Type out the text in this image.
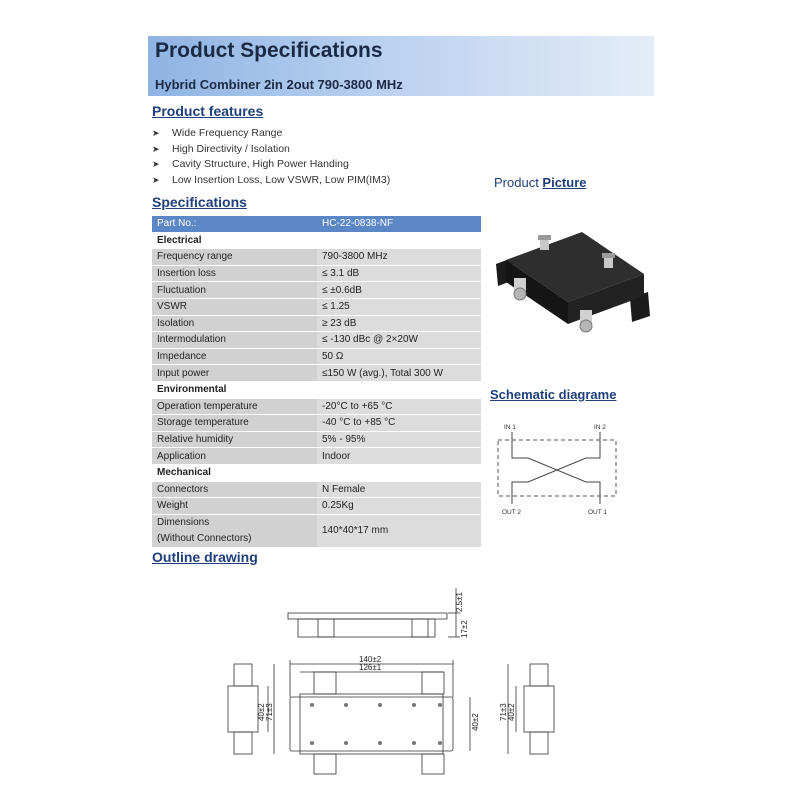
Product Specifications
Hybrid Combiner 2in 2out 790-3800 MHz
Product features
➤ Wide Frequency Range
➤ High Directivity / Isolation
➤ Cavity Structure, High Power Handing
➤ Low Insertion Loss, Low VSWR, Low PIM(IM3)	Product Picture
Specifications
Part No.:	HC-22-0838-NF
Electrical	
Frequency range	790-3800 MHz
Insertion loss	≤ 3.1 dB
Fluctuation	≤ ±0.6dB
VSWR	≤ 1.25
Isolation	≥ 23 dB
Intermodulation	≤ -130 dBc @ 2×20W
Impedance	50 Ω
Input power	≤150 W (avg.), Total 300 W
Environmental	
Operation temperature	-20°C to +65 °C
Storage temperature	-40 °C to +85 °C
Relative humidity	5% - 95%
Application	Indoor
Mechanical	
Connectors	N Female
Weight	0.25Kg
Dimensions
(Without Connectors)	140*40*17 mm
Schematic diagrame
IN 1	IN 2
OUT 2	OUT 1
Outline drawing
140±2
126±1
2.5±1
17±2
40±2 71±3
40±2
71±3 40±2
